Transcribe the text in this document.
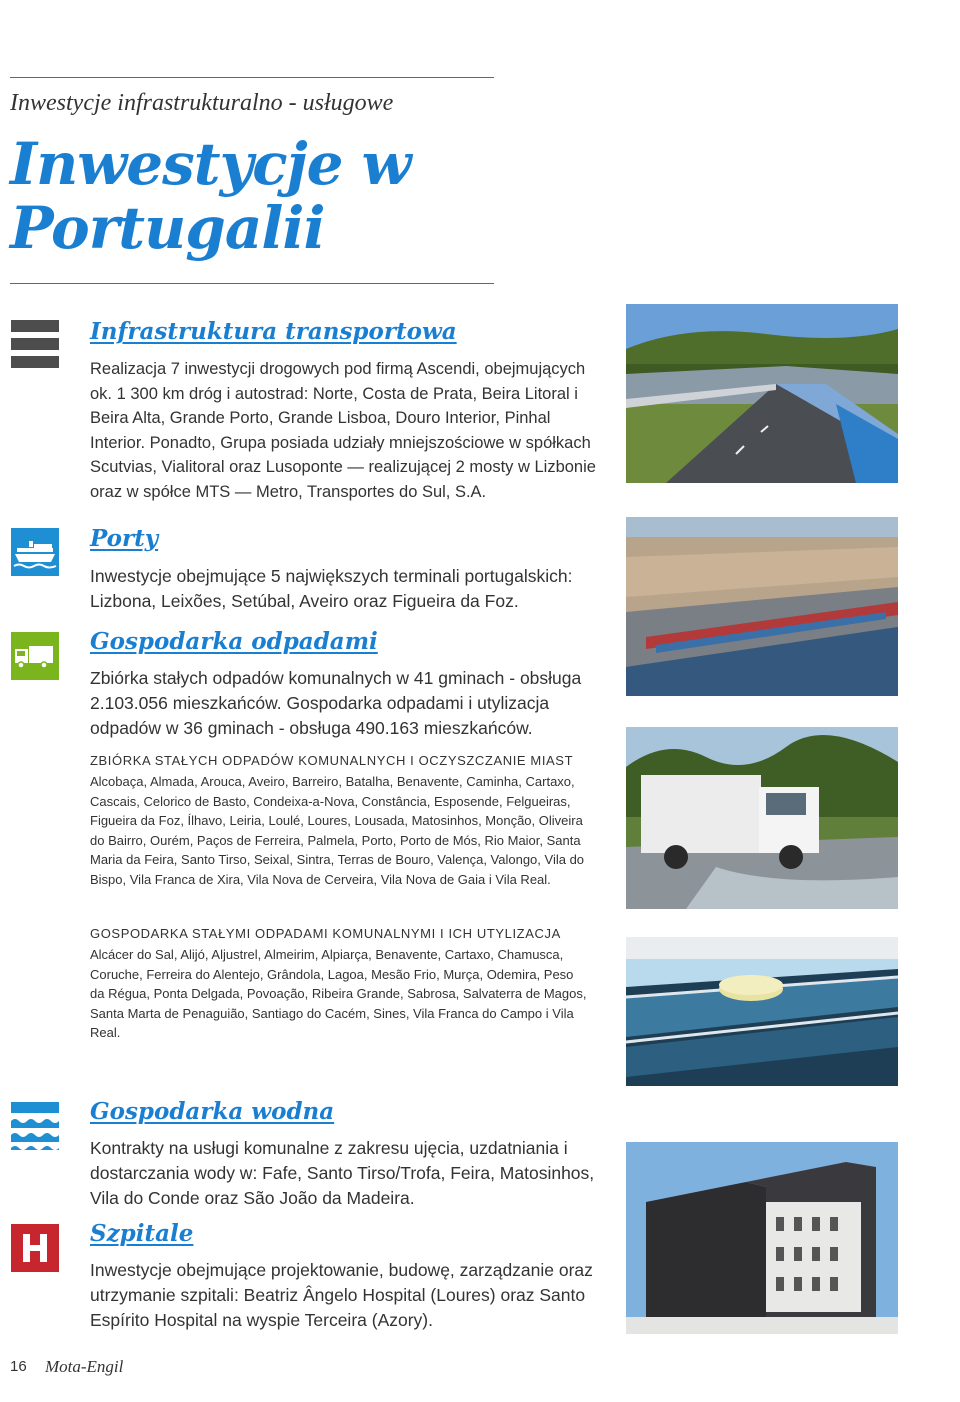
Inwestycje infrastrukturalno - usługowe
Inwestycje w
Portugalii
Infrastruktura transportowa
Realizacja 7 inwestycji drogowych pod firmą Ascendi, obejmujących ok. 1 300 km dróg i autostrad: Norte, Costa de Prata, Beira Litoral i Beira Alta, Grande Porto, Grande Lisboa, Douro Interior, Pinhal Interior. Ponadto, Grupa posiada udziały mniejszościowe w spółkach Scutvias, Vialitoral oraz Lusoponte — realizującej 2 mosty w Lizbonie oraz w spółce MTS — Metro, Transportes do Sul, S.A.
Porty
Inwestycje obejmujące 5 największych terminali portugalskich: Lizbona, Leixões, Setúbal, Aveiro oraz Figueira da Foz.
Gospodarka odpadami
Zbiórka stałych odpadów komunalnych w 41 gminach - obsługa 2.103.056 mieszkańców. Gospodarka odpadami i utylizacja odpadów w 36 gminach - obsługa 490.163 mieszkańców.
ZBIÓRKA STAŁYCH ODPADÓW KOMUNALNYCH I OCZYSZCZANIE MIAST
Alcobaça, Almada, Arouca, Aveiro, Barreiro, Batalha, Benavente, Caminha, Cartaxo, Cascais, Celorico de Basto, Condeixa-a-Nova, Constância, Esposende, Felgueiras, Figueira da Foz, Ílhavo, Leiria, Loulé, Loures, Lousada, Matosinhos, Monção, Oliveira do Bairro, Ourém, Paços de Ferreira, Palmela, Porto, Porto de Mós, Rio Maior, Santa Maria da Feira, Santo Tirso, Seixal, Sintra, Terras de Bouro, Valença, Valongo, Vila do Bispo, Vila Franca de Xira, Vila Nova de Cerveira, Vila Nova de Gaia i Vila Real.
GOSPODARKA STAŁYMI ODPADAMI KOMUNALNYMI I ICH UTYLIZACJA
Alcácer do Sal, Alijó, Aljustrel, Almeirim, Alpiarça, Benavente, Cartaxo, Chamusca, Coruche, Ferreira do Alentejo, Grândola, Lagoa, Mesão Frio, Murça, Odemira, Peso da Régua, Ponta Delgada, Povoação, Ribeira Grande, Sabrosa, Salvaterra de Magos, Santa Marta de Penaguião, Santiago do Cacém, Sines, Vila Franca do Campo i Vila Real.
Gospodarka wodna
Kontrakty na usługi komunalne z zakresu ujęcia, uzdatniania i dostarczania wody w: Fafe, Santo Tirso/Trofa, Feira, Matosinhos, Vila do Conde oraz São João da Madeira.
Szpitale
Inwestycje obejmujące projektowanie, budowę, zarządzanie oraz utrzymanie szpitali: Beatriz Ângelo Hospital (Loures) oraz Santo Espírito Hospital na wyspie Terceira (Azory).
16 Mota-Engil
